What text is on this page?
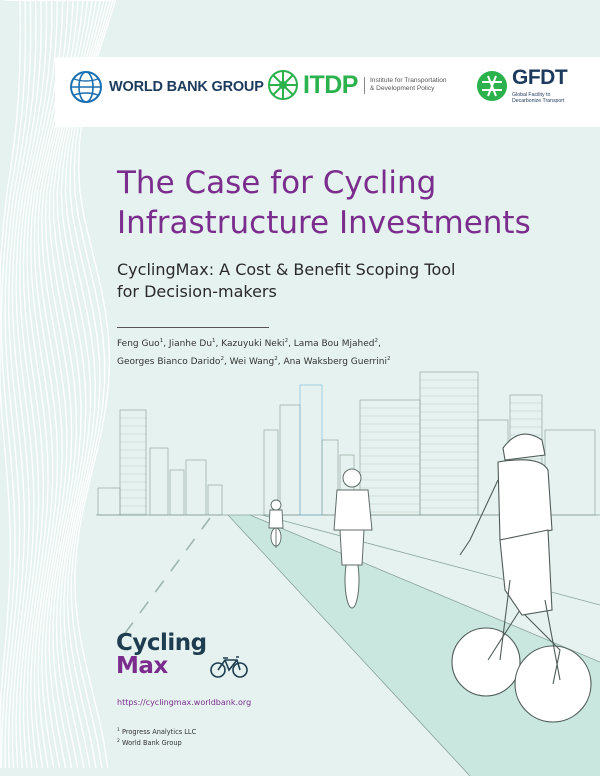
WORLD BANK GROUP ITDP Institute for Transportation
& Development Policy	GFDT
Global Facility to
Decarbonize Transport
The Case for Cycling
Infrastructure Investments

CyclingMax: A Cost & Benefit Scoping Tool
for Decision-makers

Feng Guo$^1$, Jianhe Du$^1$, Kazuyuki Neki$^2$, Lama Bou Mjahed$^2$,
Georges Bianco Darido$^2$, Wei Wang$^2$, Ana Waksberg Guerrini$^2$
Cycling
Max
https://cyclingmax.worldbank.org
$^1$ Progress Analytics LLC
$^2$ World Bank Group
